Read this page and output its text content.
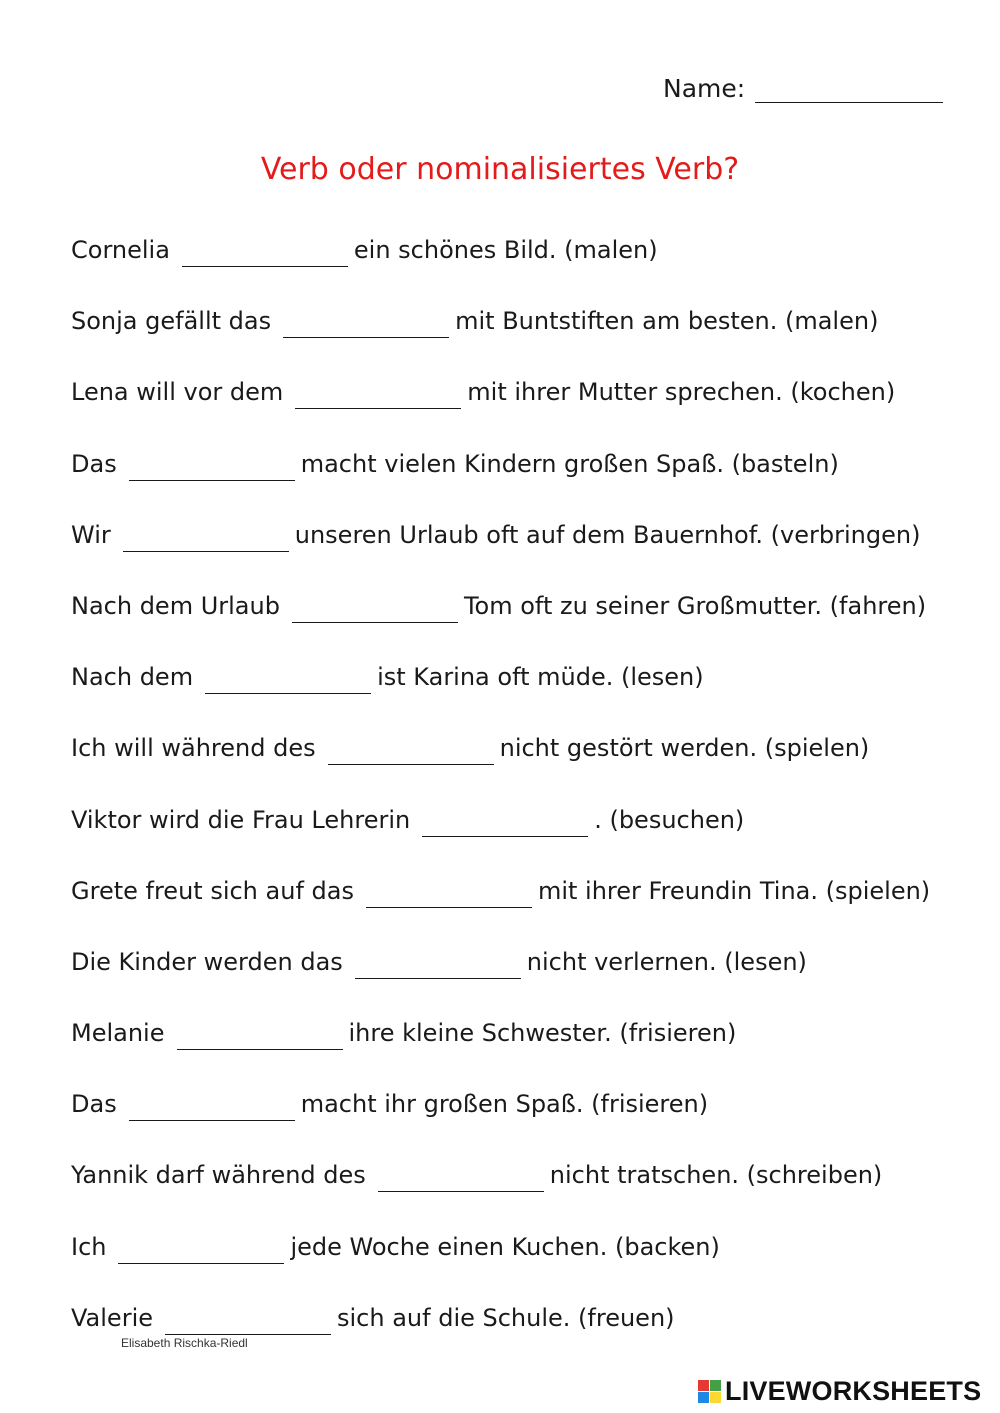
Name:
Verb oder nominalisiertes Verb?
Cornelia	ein schönes Bild. (malen)
Sonja gefällt das	mit Buntstiften am besten. (malen)
Lena will vor dem	mit ihrer Mutter sprechen. (kochen)
Das	macht vielen Kindern großen Spaß. (basteln)
Wir	unseren Urlaub oft auf dem Bauernhof. (verbringen)
Nach dem Urlaub	Tom oft zu seiner Großmutter. (fahren)
Nach dem	ist Karina oft müde. (lesen)
Ich will während des	nicht gestört werden. (spielen)
Viktor wird die Frau Lehrerin	. (besuchen)
Grete freut sich auf das	mit ihrer Freundin Tina. (spielen)
Die Kinder werden das	nicht verlernen. (lesen)
Melanie	ihre kleine Schwester. (frisieren)
Das	macht ihr großen Spaß. (frisieren)
Yannik darf während des	nicht tratschen. (schreiben)
Ich	jede Woche einen Kuchen. (backen)
Valerie	sich auf die Schule. (freuen)
Elisabeth Rischka-Riedl
LIVEWORKSHEETS
